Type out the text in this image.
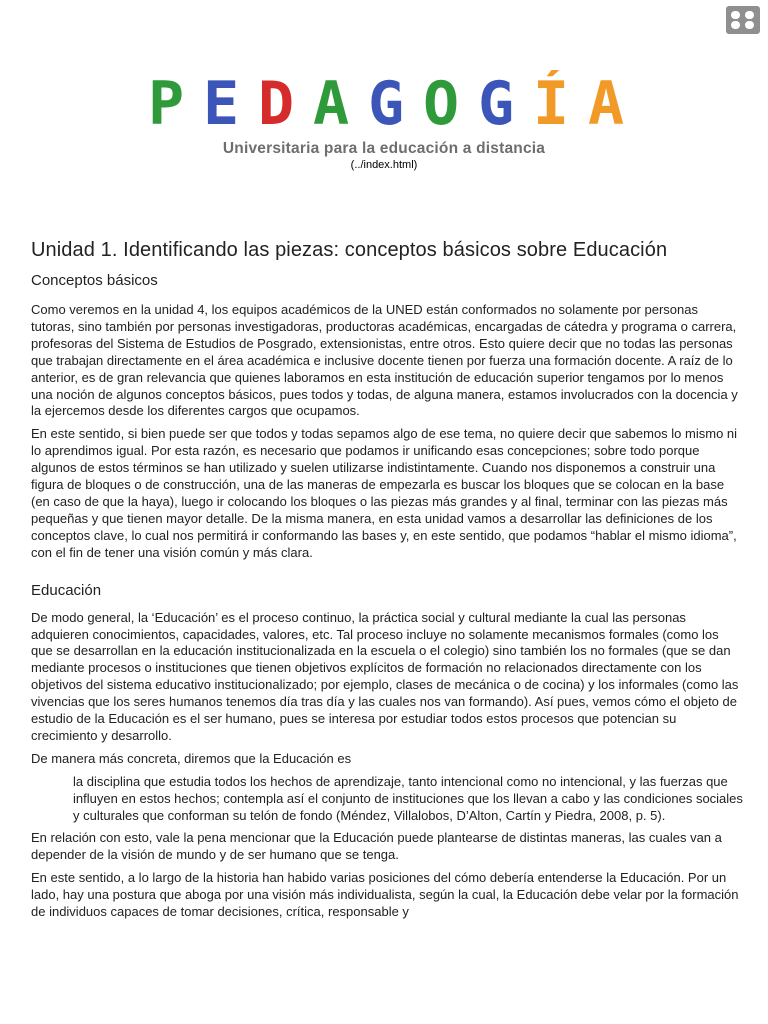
P E D A G O G Í A
Universitaria para la educación a distancia
(../index.html)
Unidad 1. Identificando las piezas: conceptos básicos sobre Educación
Conceptos básicos

Como veremos en la unidad 4, los equipos académicos de la UNED están conformados no solamente por personas tutoras, sino también por personas investigadoras, productoras académicas, encargadas de cátedra y programa o carrera, profesoras del Sistema de Estudios de Posgrado, extensionistas, entre otros. Esto quiere decir que no todas las personas que trabajan directamente en el área académica e inclusive docente tienen por fuerza una formación docente. A raíz de lo anterior, es de gran relevancia que quienes laboramos en esta institución de educación superior tengamos por lo menos una noción de algunos conceptos básicos, pues todos y todas, de alguna manera, estamos involucrados con la docencia y la ejercemos desde los diferentes cargos que ocupamos.

En este sentido, si bien puede ser que todos y todas sepamos algo de ese tema, no quiere decir que sabemos lo mismo ni lo aprendimos igual. Por esta razón, es necesario que podamos ir unificando esas concepciones; sobre todo porque algunos de estos términos se han utilizado y suelen utilizarse indistintamente. Cuando nos disponemos a construir una figura de bloques o de construcción, una de las maneras de empezarla es buscar los bloques que se colocan en la base (en caso de que la haya), luego ir colocando los bloques o las piezas más grandes y al final, terminar con las piezas más pequeñas y que tienen mayor detalle. De la misma manera, en esta unidad vamos a desarrollar las definiciones de los conceptos clave, lo cual nos permitirá ir conformando las bases y, en este sentido, que podamos “hablar el mismo idioma”, con el fin de tener una visión común y más clara.

Educación

De modo general, la ‘Educación’ es el proceso continuo, la práctica social y cultural mediante la cual las personas adquieren conocimientos, capacidades, valores, etc. Tal proceso incluye no solamente mecanismos formales (como los que se desarrollan en la educación institucionalizada en la escuela o el colegio) sino también los no formales (que se dan mediante procesos o instituciones que tienen objetivos explícitos de formación no relacionados directamente con los objetivos del sistema educativo institucionalizado; por ejemplo, clases de mecánica o de cocina) y los informales (como las vivencias que los seres humanos tenemos día tras día y las cuales nos van formando). Así pues, vemos cómo el objeto de estudio de la Educación es el ser humano, pues se interesa por estudiar todos estos procesos que potencian su crecimiento y desarrollo.

De manera más concreta, diremos que la Educación es

la disciplina que estudia todos los hechos de aprendizaje, tanto intencional como no intencional, y las fuerzas que influyen en estos hechos; contempla así el conjunto de instituciones que los llevan a cabo y las condiciones sociales y culturales que conforman su telón de fondo (Méndez, Villalobos, D’Alton, Cartín y Piedra, 2008, p. 5).

En relación con esto, vale la pena mencionar que la Educación puede plantearse de distintas maneras, las cuales van a depender de la visión de mundo y de ser humano que se tenga.

En este sentido, a lo largo de la historia han habido varias posiciones del cómo debería entenderse la Educación. Por un lado, hay una postura que aboga por una visión más individualista, según la cual, la Educación debe velar por la formación de individuos capaces de tomar decisiones, crítica, responsable y
